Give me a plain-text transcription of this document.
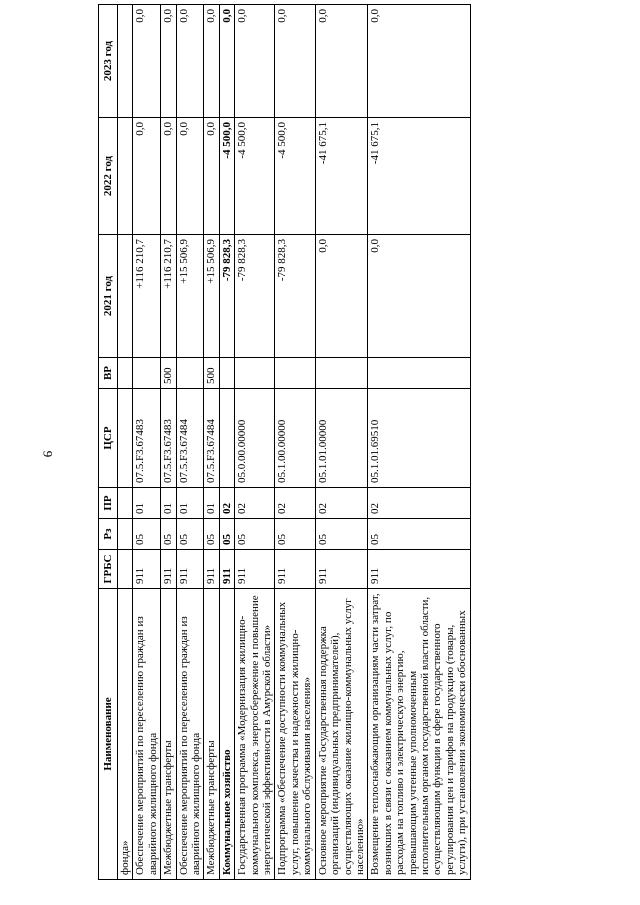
9
Наименование	ГРБС	Рз	ПР	ЦСР	ВР	2021 год	2022 год	2023 год
фонда»								
Обеспечение мероприятий по переселению граждан из аварийного жилищного фонда	911	05	01	07.5.F3.67483		+116 210,7	0,0	0,0
Межбюджетные трансферты	911	05	01	07.5.F3.67483	500	+116 210,7	0,0	0,0
Обеспечение мероприятий по переселению граждан из аварийного жилищного фонда	911	05	01	07.5.F3.67484		+15 506,9	0,0	0,0
Межбюджетные трансферты	911	05	01	07.5.F3.67484	500	+15 506,9	0,0	0,0
Коммунальное хозяйство	911	05	02			-79 828,3	-4 500,0	0,0
Государственная программа «Модернизация жилищно-коммунального комплекса, энергосбережение и повышение энергетической эффективности в Амурской области»	911	05	02	05.0.00.00000		-79 828,3	-4 500,0	0,0
Подпрограмма «Обеспечение доступности коммунальных услуг, повышение качества и надежности жилищно-коммунального обслуживания населения»	911	05	02	05.1.00.00000		-79 828,3	-4 500,0	0,0
Основное мероприятие «Государственная поддержка организаций (индивидуальных предпринимателей), осуществляющих оказание жилищно-коммунальных услуг населению»	911	05	02	05.1.01.00000		0,0	-41 675,1	0,0
Возмещение теплоснабжающим организациям части затрат, возникших в связи с оказанием коммунальных услуг, по расходам на топливо и электрическую энергию, превышающим учтенные уполномоченным исполнительным органом государственной власти области, осуществляющим функции в сфере государственного регулирования цен и тарифов на продукцию (товары, услуги), при установлении экономически обоснованных	911	05	02	05.1.01.69510		0,0	-41 675,1	0,0
